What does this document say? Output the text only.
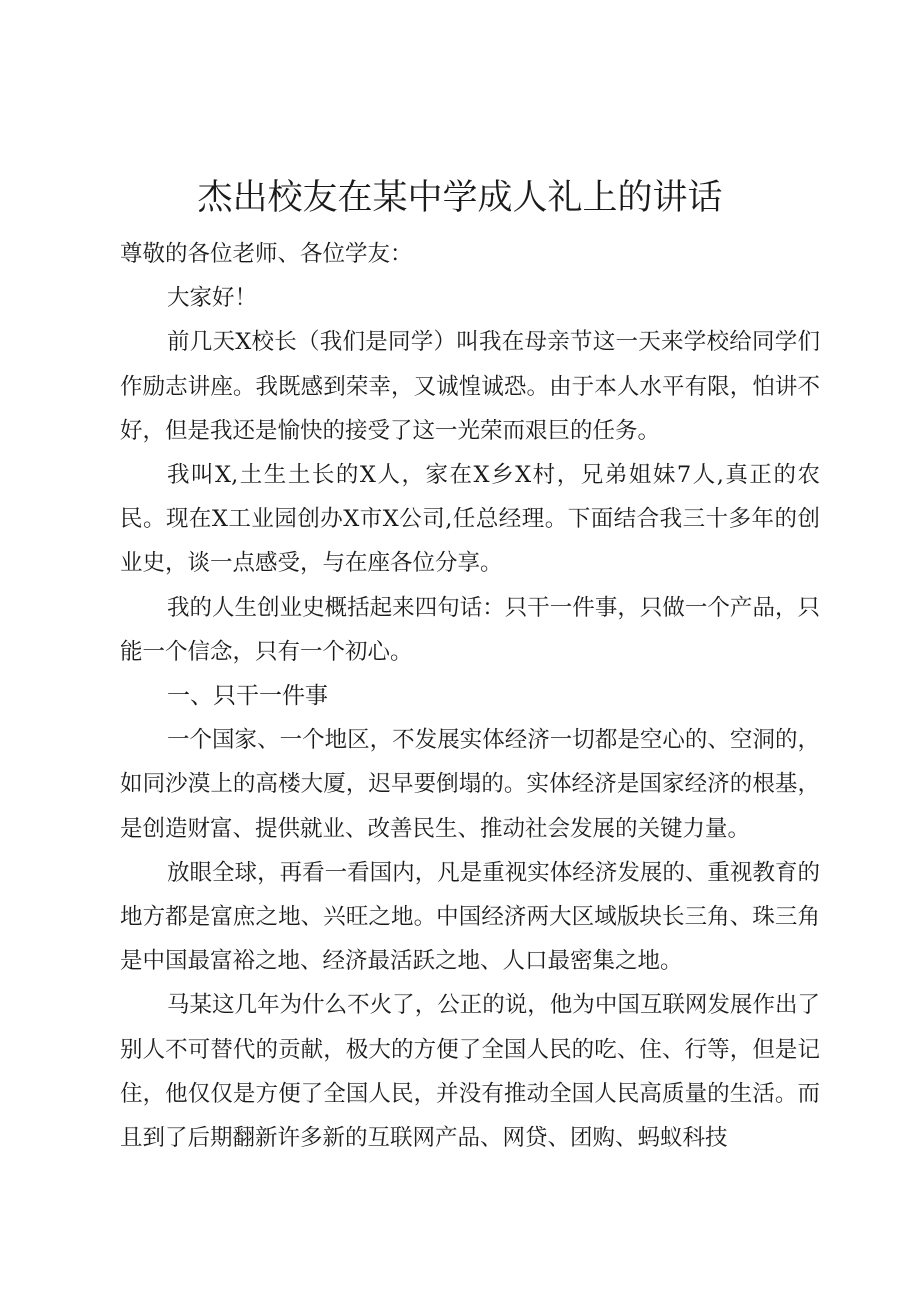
杰出校友在某中学成人礼上的讲话

尊敬的各位老师、各位学友：

大家好！

前几天X校长（我们是同学）叫我在母亲节这一天来学校给同学们作励志讲座。我既感到荣幸，又诚惶诚恐。由于本人水平有限，怕讲不好，但是我还是愉快的接受了这一光荣而艰巨的任务。

我叫X,土生土长的X人，家在X乡X村，兄弟姐妹7人,真正的农民。现在X工业园创办X市X公司,任总经理。下面结合我三十多年的创业史，谈一点感受，与在座各位分享。

我的人生创业史概括起来四句话：只干一件事，只做一个产品，只能一个信念，只有一个初心。

一、只干一件事

一个国家、一个地区，不发展实体经济一切都是空心的、空洞的，如同沙漠上的高楼大厦，迟早要倒塌的。实体经济是国家经济的根基，是创造财富、提供就业、改善民生、推动社会发展的关键力量。

放眼全球，再看一看国内，凡是重视实体经济发展的、重视教育的地方都是富庶之地、兴旺之地。中国经济两大区域版块长三角、珠三角是中国最富裕之地、经济最活跃之地、人口最密集之地。

马某这几年为什么不火了，公正的说，他为中国互联网发展作出了别人不可替代的贡献，极大的方便了全国人民的吃、住、行等，但是记住，他仅仅是方便了全国人民，并没有推动全国人民高质量的生活。而且到了后期翻新许多新的互联网产品、网贷、团购、蚂蚁科技
